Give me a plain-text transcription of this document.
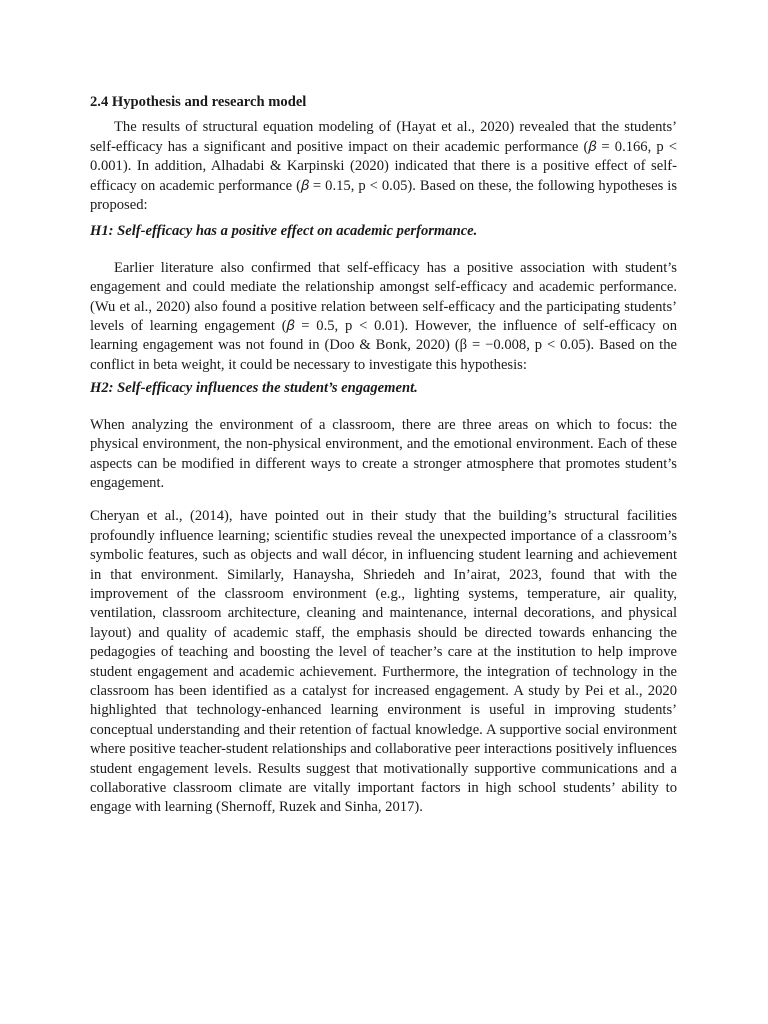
2.4 Hypothesis and research model

The results of structural equation modeling of (Hayat et al., 2020) revealed that the students’ self-efficacy has a significant and positive impact on their academic performance (𝛽 = 0.166, p < 0.001). In addition, Alhadabi & Karpinski (2020) indicated that there is a positive effect of self-efficacy on academic performance (𝛽 = 0.15, p < 0.05). Based on these, the following hypotheses is proposed:

H1: Self-efficacy has a positive effect on academic performance.

Earlier literature also confirmed that self-efficacy has a positive association with student’s engagement and could mediate the relationship amongst self-efficacy and academic performance. (Wu et al., 2020) also found a positive relation between self-efficacy and the participating students’ levels of learning engagement (𝛽 = 0.5, p < 0.01). However, the influence of self-efficacy on learning engagement was not found in (Doo & Bonk, 2020) (β = −0.008, p < 0.05). Based on the conflict in beta weight, it could be necessary to investigate this hypothesis:

H2: Self-efficacy influences the student’s engagement.

When analyzing the environment of a classroom, there are three areas on which to focus: the physical environment, the non-physical environment, and the emotional environment. Each of these aspects can be modified in different ways to create a stronger atmosphere that promotes student’s engagement.

Cheryan et al., (2014), have pointed out in their study that the building’s structural facilities profoundly influence learning; scientific studies reveal the unexpected importance of a classroom’s symbolic features, such as objects and wall décor, in influencing student learning and achievement in that environment. Similarly, Hanaysha, Shriedeh and In’airat, 2023, found that with the improvement of the classroom environment (e.g., lighting systems, temperature, air quality, ventilation, classroom architecture, cleaning and maintenance, internal decorations, and physical layout) and quality of academic staff, the emphasis should be directed towards enhancing the pedagogies of teaching and boosting the level of teacher’s care at the institution to help improve student engagement and academic achievement. Furthermore, the integration of technology in the classroom has been identified as a catalyst for increased engagement. A study by Pei et al., 2020 highlighted that technology-enhanced learning environment is useful in improving students’ conceptual understanding and their retention of factual knowledge. A supportive social environment where positive teacher-student relationships and collaborative peer interactions positively influences student engagement levels. Results suggest that motivationally supportive communications and a collaborative classroom climate are vitally important factors in high school students’ ability to engage with learning (Shernoff, Ruzek and Sinha, 2017).
